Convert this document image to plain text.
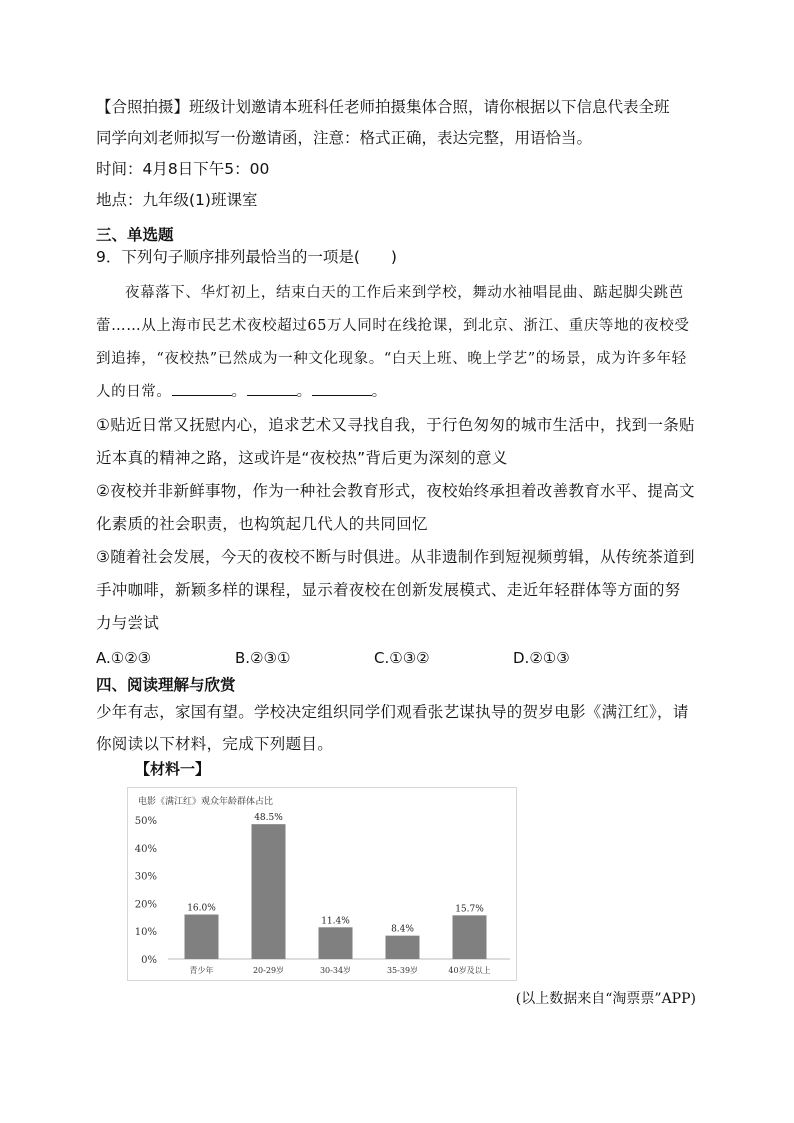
【合照拍摄】班级计划邀请本班科任老师拍摄集体合照，请你根据以下信息代表全班
同学向刘老师拟写一份邀请函，注意：格式正确，表达完整，用语恰当。
时间：4月8日下午5：00
地点：九年级(1)班课室
三、单选题
9．下列句子顺序排列最恰当的一项是(　　)
夜幕落下、华灯初上，结束白天的工作后来到学校，舞动水袖唱昆曲、踮起脚尖跳芭蕾……从上海市民艺术夜校超过65万人同时在线抢课，到北京、浙江、重庆等地的夜校受到追捧，“夜校热”已然成为一种文化现象。“白天上班、晚上学艺”的场景，成为许多年轻人的日常。	。	。	。
①贴近日常又抚慰内心，追求艺术又寻找自我，于行色匆匆的城市生活中，找到一条贴近本真的精神之路，这或许是“夜校热”背后更为深刻的意义
②夜校并非新鲜事物，作为一种社会教育形式，夜校始终承担着改善教育水平、提高文化素质的社会职责，也构筑起几代人的共同回忆
③随着社会发展，今天的夜校不断与时俱进。从非遗制作到短视频剪辑，从传统茶道到手冲咖啡，新颖多样的课程，显示着夜校在创新发展模式、走近年轻群体等方面的努力与尝试
A.①②③	B.②③①	C.①③②	D.②①③
四、阅读理解与欣赏
少年有志，家国有望。学校决定组织同学们观看张艺谋执导的贺岁电影《满江红》，请你阅读以下材料，完成下列题目。
【材料一】
电影《满江红》观众年龄群体占比
0%
10%
20%
30%
40%
50%
16.0%
青少年
48.5%
20-29岁
11.4%
30-34岁
8.4%
35-39岁
15.7%
40岁及以上
(以上数据来自“淘票票”APP)
